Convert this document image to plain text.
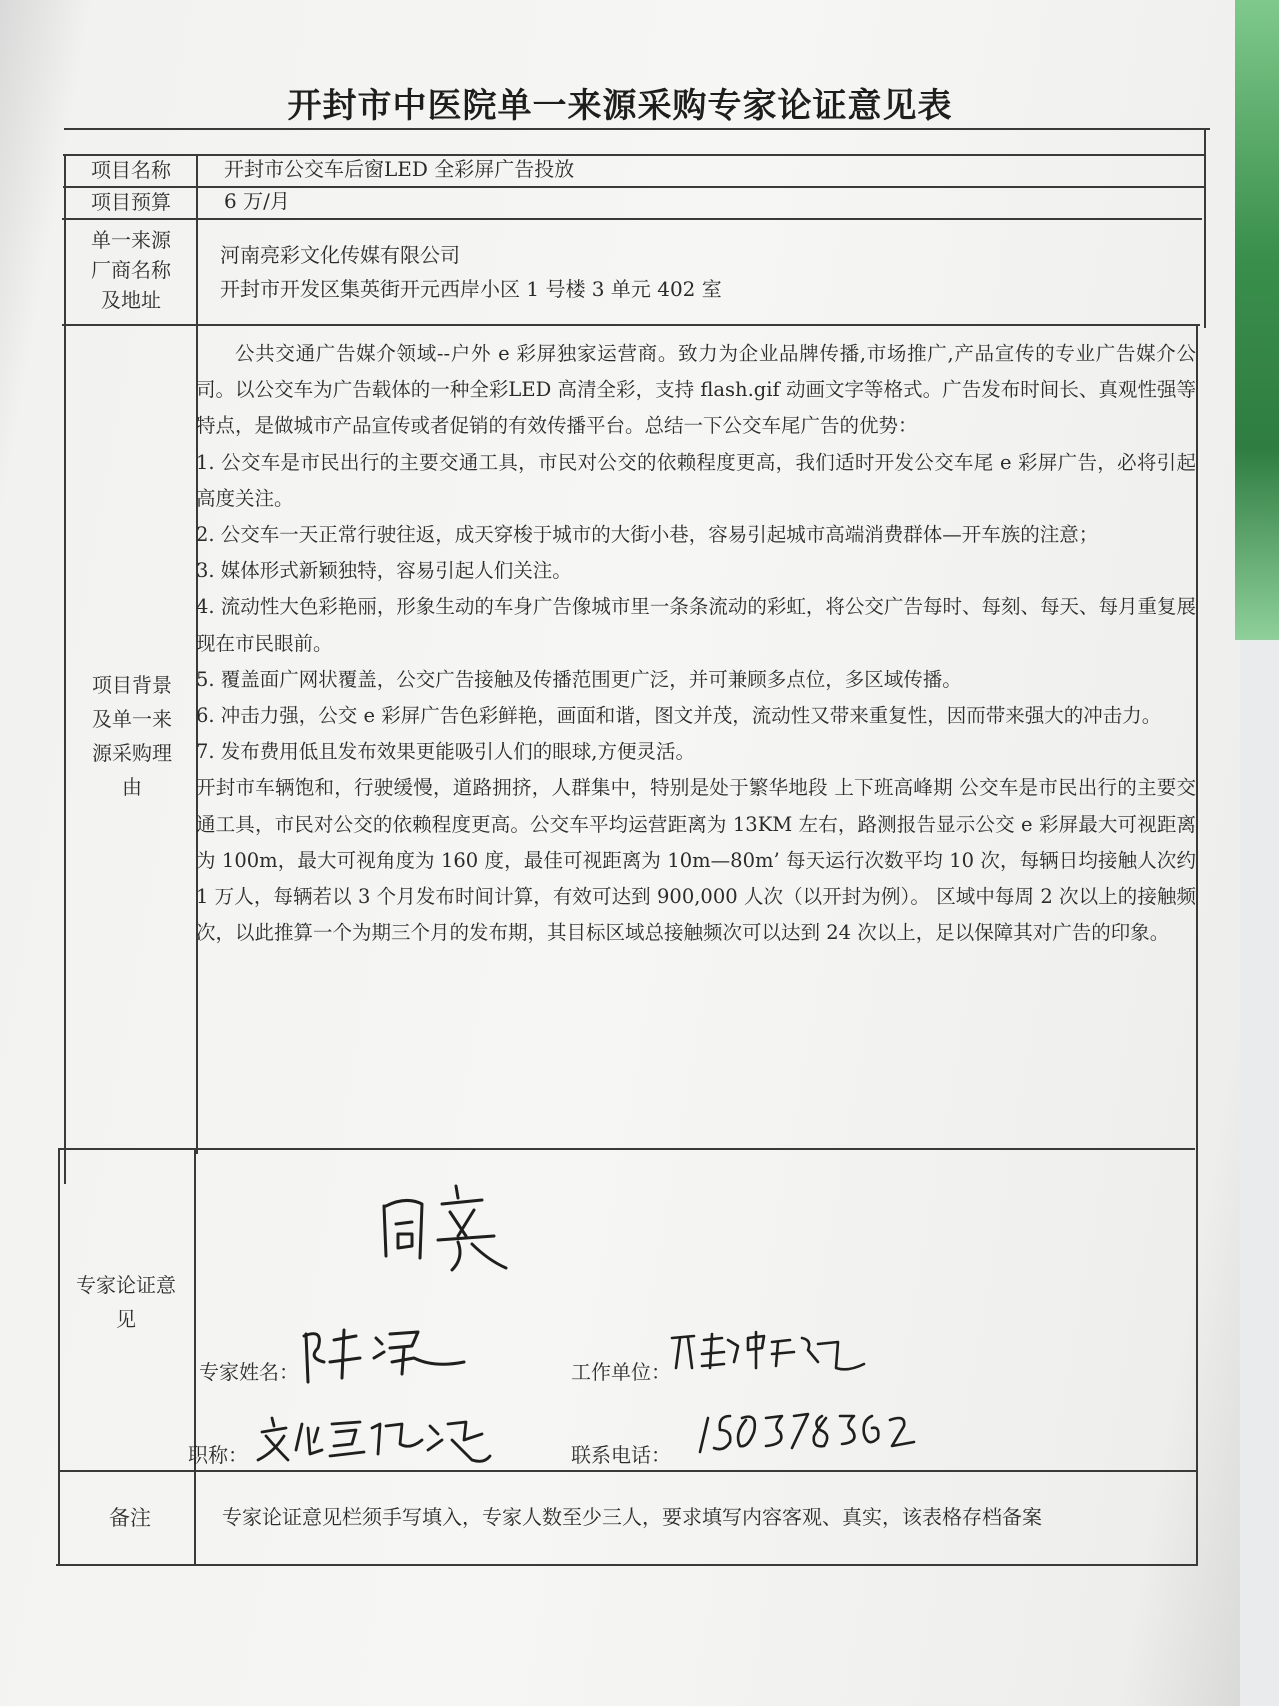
开封市中医院单一来源采购专家论证意见表
项目名称
项目预算
单一来源厂商名称及地址
项目背景及单一来源采购理由
专家论证意见
备注
开封市公交车后窗LED 全彩屏广告投放
6 万/月
河南亮彩文化传媒有限公司
开封市开发区集英街开元西岸小区 1 号楼 3 单元 402 室

公共交通广告媒介领域--户外 e 彩屏独家运营商。致力为企业品牌传播,市场推广,产品宣传的专业广告媒介公司。以公交车为广告载体的一种全彩LED 高清全彩，支持 flash.gif 动画文字等格式。广告发布时间长、真观性强等特点，是做城市产品宣传或者促销的有效传播平台。总结一下公交车尾广告的优势：

1. 公交车是市民出行的主要交通工具，市民对公交的依赖程度更高，我们适时开发公交车尾 e 彩屏广告，必将引起高度关注。

2. 公交车一天正常行驶往返，成天穿梭于城市的大街小巷，容易引起城市高端消费群体—开车族的注意；

3. 媒体形式新颖独特，容易引起人们关注。

4. 流动性大色彩艳丽，形象生动的车身广告像城市里一条条流动的彩虹，将公交广告每时、每刻、每天、每月重复展现在市民眼前。

5. 覆盖面广网状覆盖，公交广告接触及传播范围更广泛，并可兼顾多点位，多区域传播。

6. 冲击力强，公交 e 彩屏广告色彩鲜艳，画面和谐，图文并茂，流动性又带来重复性，因而带来强大的冲击力。

7. 发布费用低且发布效果更能吸引人们的眼球,方便灵活。

开封市车辆饱和，行驶缓慢，道路拥挤，人群集中，特别是处于繁华地段 上下班高峰期 公交车是市民出行的主要交通工具，市民对公交的依赖程度更高。公交车平均运营距离为 13KM 左右，路测报告显示公交 e 彩屏最大可视距离为 100m，最大可视角度为 160 度，最佳可视距离为 10m—80m’ 每天运行次数平均 10 次，每辆日均接触人次约 1 万人，每辆若以 3 个月发布时间计算，有效可达到 900,000 人次（以开封为例）。 区域中每周 2 次以上的接触频次，以此推算一个为期三个月的发布期，其目标区域总接触频次可以达到 24 次以上，足以保障其对广告的印象。

专家姓名：	工作单位：
职称：	联系电话：
专家论证意见栏须手写填入，专家人数至少三人，要求填写内容客观、真实，该表格存档备案
